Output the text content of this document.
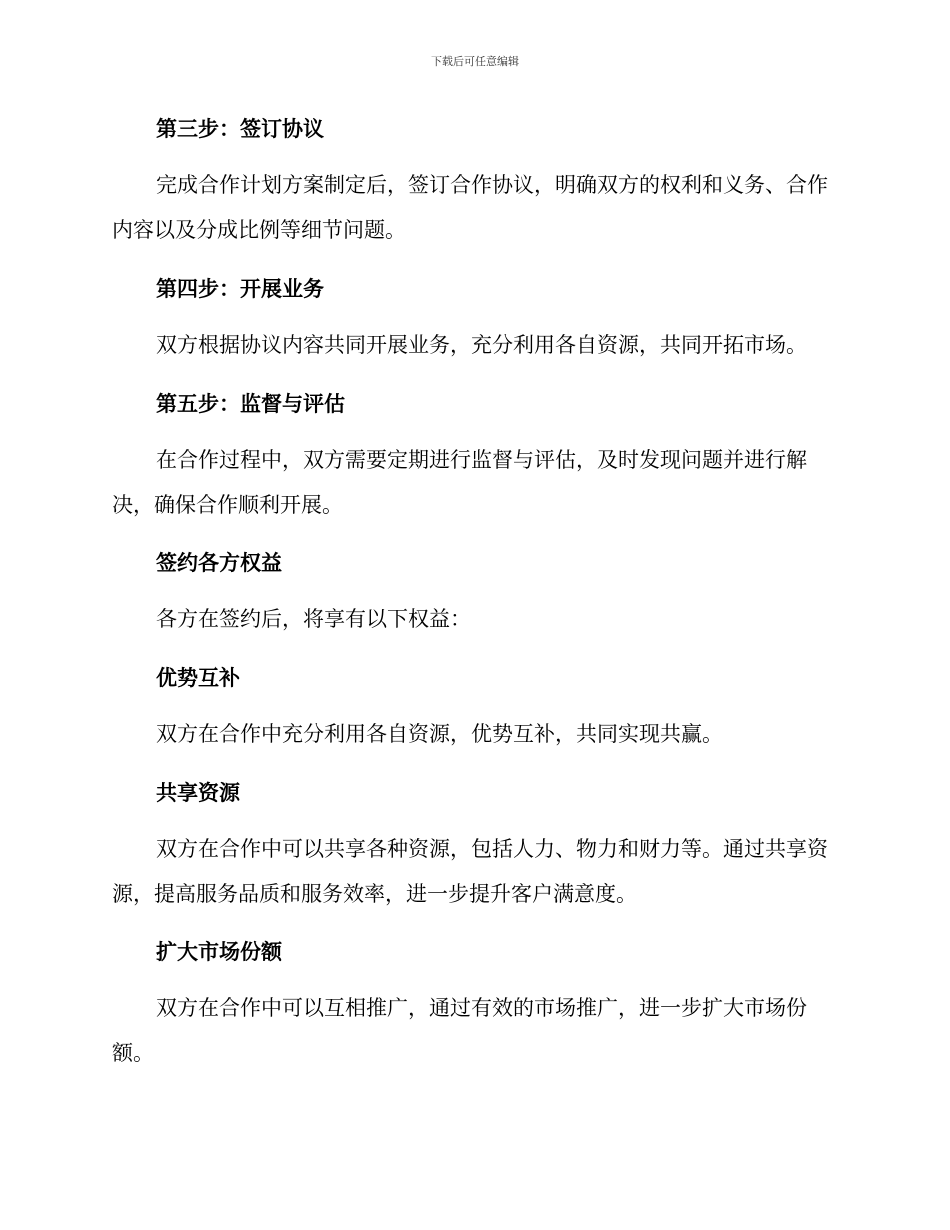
下载后可任意编辑
第三步：签订协议
完成合作计划方案制定后，签订合作协议，明确双方的权利和义务、合作内容以及分成比例等细节问题。
第四步：开展业务
双方根据协议内容共同开展业务，充分利用各自资源，共同开拓市场。
第五步：监督与评估
在合作过程中，双方需要定期进行监督与评估，及时发现问题并进行解决，确保合作顺利开展。
签约各方权益
各方在签约后，将享有以下权益：
优势互补
双方在合作中充分利用各自资源，优势互补，共同实现共赢。
共享资源
双方在合作中可以共享各种资源，包括人力、物力和财力等。通过共享资源，提高服务品质和服务效率，进一步提升客户满意度。
扩大市场份额
双方在合作中可以互相推广，通过有效的市场推广，进一步扩大市场份额。
